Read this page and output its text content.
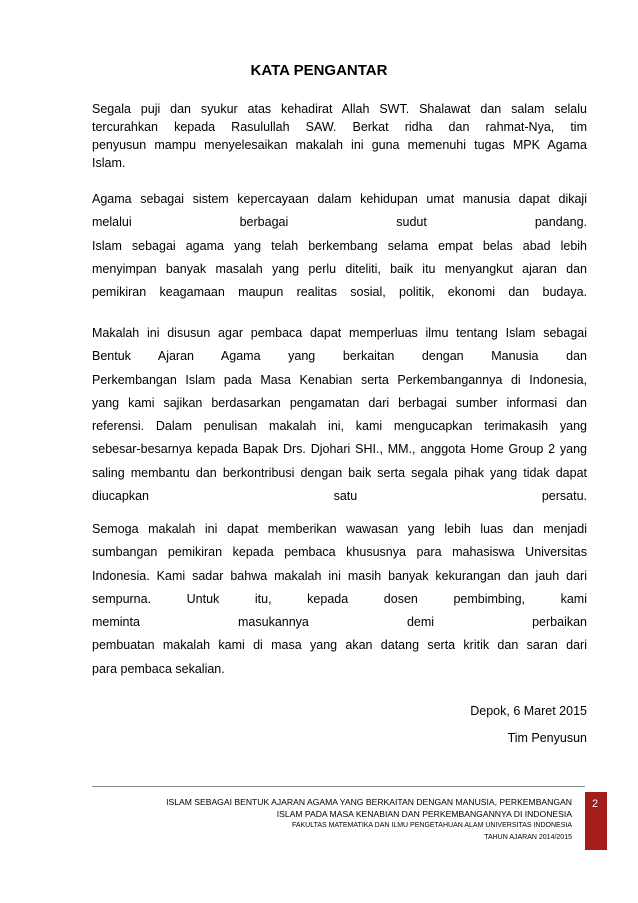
KATA PENGANTAR
Segala puji dan syukur atas kehadirat Allah SWT. Shalawat dan salam selalu
tercurahkan kepada Rasulullah SAW. Berkat ridha dan rahmat-Nya, tim
penyusun mampu menyelesaikan makalah ini guna memenuhi tugas MPK Agama
Islam.
Agama sebagai sistem kepercayaan dalam kehidupan umat manusia dapat dikaji
melalui berbagai sudut pandang.
Islam sebagai agama yang telah berkembang selama empat belas abad lebih
menyimpan banyak masalah yang perlu diteliti, baik itu menyangkut ajaran dan
pemikiran keagamaan maupun realitas sosial, politik, ekonomi dan budaya.
Makalah ini disusun agar pembaca dapat memperluas ilmu tentang Islam sebagai
Bentuk Ajaran Agama yang berkaitan dengan Manusia dan
Perkembangan Islam pada Masa Kenabian serta Perkembangannya di Indonesia,
yang kami sajikan berdasarkan pengamatan dari berbagai sumber informasi dan
referensi. Dalam penulisan makalah ini, kami mengucapkan terimakasih yang
sebesar-besarnya kepada Bapak Drs. Djohari SHI., MM., anggota Home Group 2 yang
saling membantu dan berkontribusi dengan baik serta segala pihak yang tidak dapat
diucapkan satu persatu.
Semoga makalah ini dapat memberikan wawasan yang lebih luas dan menjadi
sumbangan pemikiran kepada pembaca khususnya para mahasiswa Universitas
Indonesia. Kami sadar bahwa makalah ini masih banyak kekurangan dan jauh dari
sempurna. Untuk itu, kepada dosen pembimbing, kami
meminta masukannya demi perbaikan
pembuatan makalah kami di masa yang akan datang serta kritik dan saran dari
para pembaca sekalian.
Depok, 6 Maret 2015
Tim Penyusun
ISLAM SEBAGAI BENTUK AJARAN AGAMA YANG BERKAITAN DENGAN MANUSIA, PERKEMBANGAN
ISLAM PADA MASA KENABIAN DAN PERKEMBANGANNYA DI INDONESIA
FAKULTAS MATEMATIKA DAN ILMU PENGETAHUAN ALAM UNIVERSITAS INDONESIA
TAHUN AJARAN 2014/2015
2
